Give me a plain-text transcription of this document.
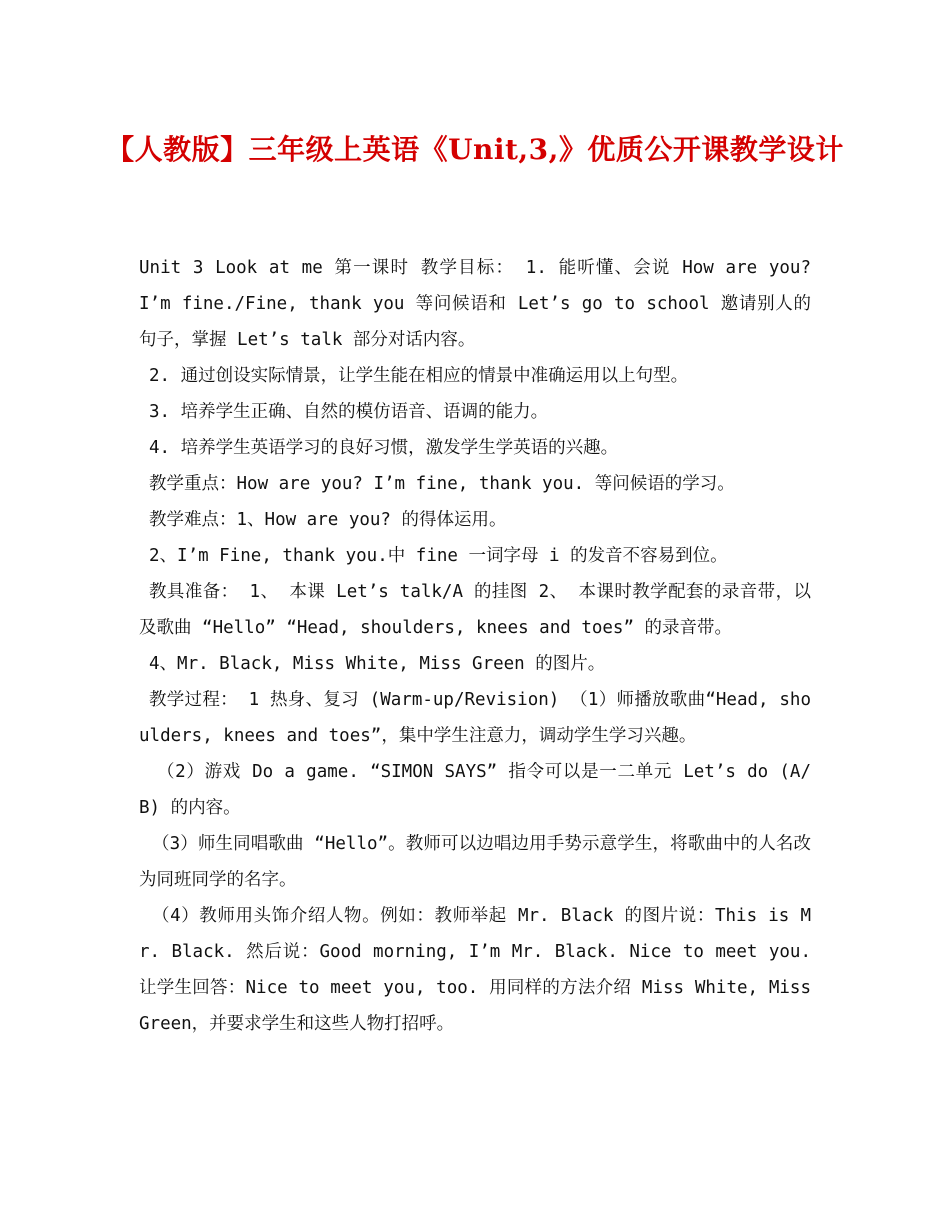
【人教版】三年级上英语《Unit,3,》优质公开课教学设计

Unit 3 Look at me 第一课时 教学目标： 1. 能听懂、会说 How are you? I’m fine./Fine, thank you 等问候语和 Let’s go to school 邀请别人的句子，掌握 Let’s talk 部分对话内容。

2. 通过创设实际情景，让学生能在相应的情景中准确运用以上句型。

3. 培养学生正确、自然的模仿语音、语调的能力。

4. 培养学生英语学习的良好习惯，激发学生学英语的兴趣。

教学重点：How are you? I’m fine, thank you. 等问候语的学习。

教学难点：1、How are you? 的得体运用。

2、I’m Fine, thank you.中 fine 一词字母 i 的发音不容易到位。

教具准备： 1、 本课 Let’s talk/A 的挂图 2、 本课时教学配套的录音带，以及歌曲 “Hello” “Head, shoulders, knees and toes” 的录音带。

4、Mr. Black, Miss White, Miss Green 的图片。

教学过程： 1 热身、复习 (Warm-up/Revision) （1）师播放歌曲“Head, shoulders, knees and toes”，集中学生注意力，调动学生学习兴趣。

（2）游戏 Do a game. “SIMON SAYS” 指令可以是一二单元 Let’s do (A/B) 的内容。

（3）师生同唱歌曲 “Hello”。教师可以边唱边用手势示意学生，将歌曲中的人名改为同班同学的名字。

（4）教师用头饰介绍人物。例如：教师举起 Mr. Black 的图片说：This is Mr. Black. 然后说：Good morning, I’m Mr. Black. Nice to meet you. 让学生回答：Nice to meet you, too. 用同样的方法介绍 Miss White, Miss Green，并要求学生和这些人物打招呼。
